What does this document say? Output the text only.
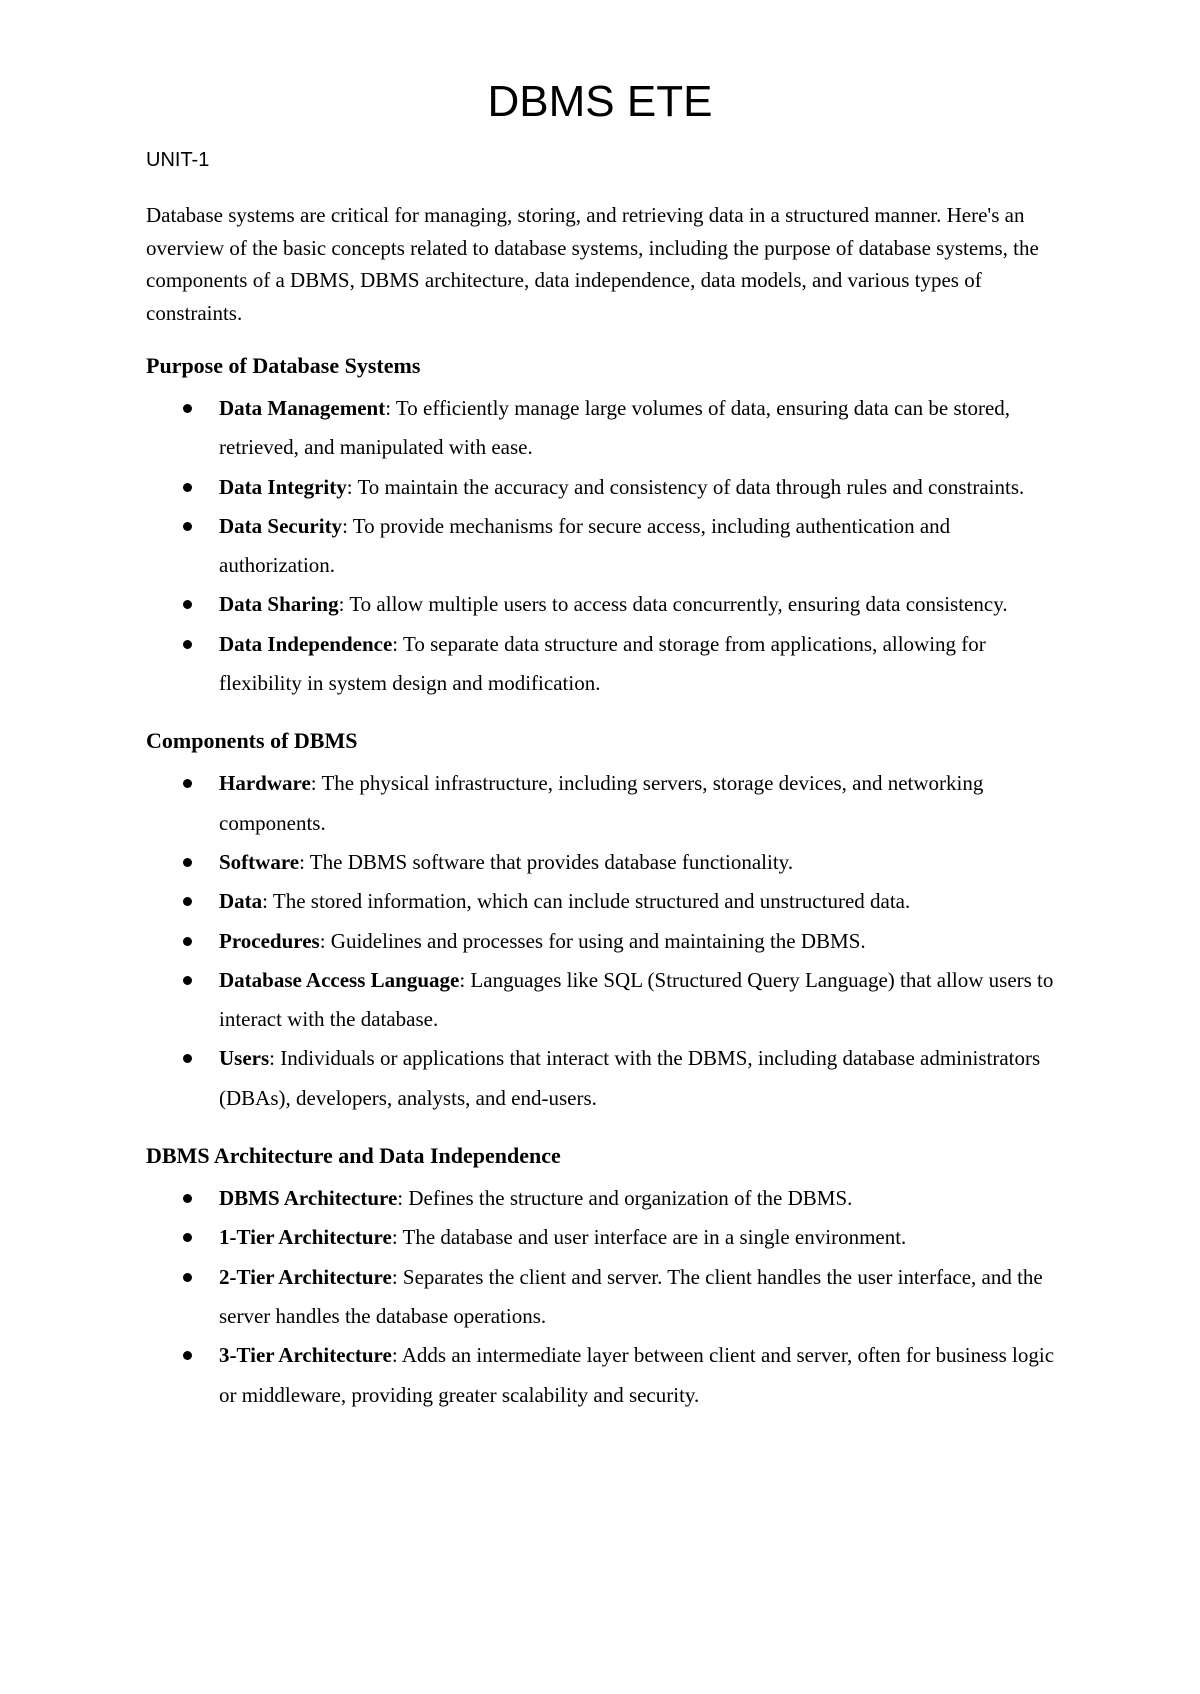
DBMS ETE

UNIT-1

Database systems are critical for managing, storing, and retrieving data in a structured manner. Here's an overview of the basic concepts related to database systems, including the purpose of database systems, the components of a DBMS, DBMS architecture, data independence, data models, and various types of constraints.

Purpose of Database Systems
Data Management: To efficiently manage large volumes of data, ensuring data can be stored, retrieved, and manipulated with ease.
Data Integrity: To maintain the accuracy and consistency of data through rules and constraints.
Data Security: To provide mechanisms for secure access, including authentication and authorization.
Data Sharing: To allow multiple users to access data concurrently, ensuring data consistency.
Data Independence: To separate data structure and storage from applications, allowing for flexibility in system design and modification.
Components of DBMS
Hardware: The physical infrastructure, including servers, storage devices, and networking components.
Software: The DBMS software that provides database functionality.
Data: The stored information, which can include structured and unstructured data.
Procedures: Guidelines and processes for using and maintaining the DBMS.
Database Access Language: Languages like SQL (Structured Query Language) that allow users to interact with the database.
Users: Individuals or applications that interact with the DBMS, including database administrators (DBAs), developers, analysts, and end-users.
DBMS Architecture and Data Independence
DBMS Architecture: Defines the structure and organization of the DBMS.
1-Tier Architecture: The database and user interface are in a single environment.
2-Tier Architecture: Separates the client and server. The client handles the user interface, and the server handles the database operations.
3-Tier Architecture: Adds an intermediate layer between client and server, often for business logic or middleware, providing greater scalability and security.
